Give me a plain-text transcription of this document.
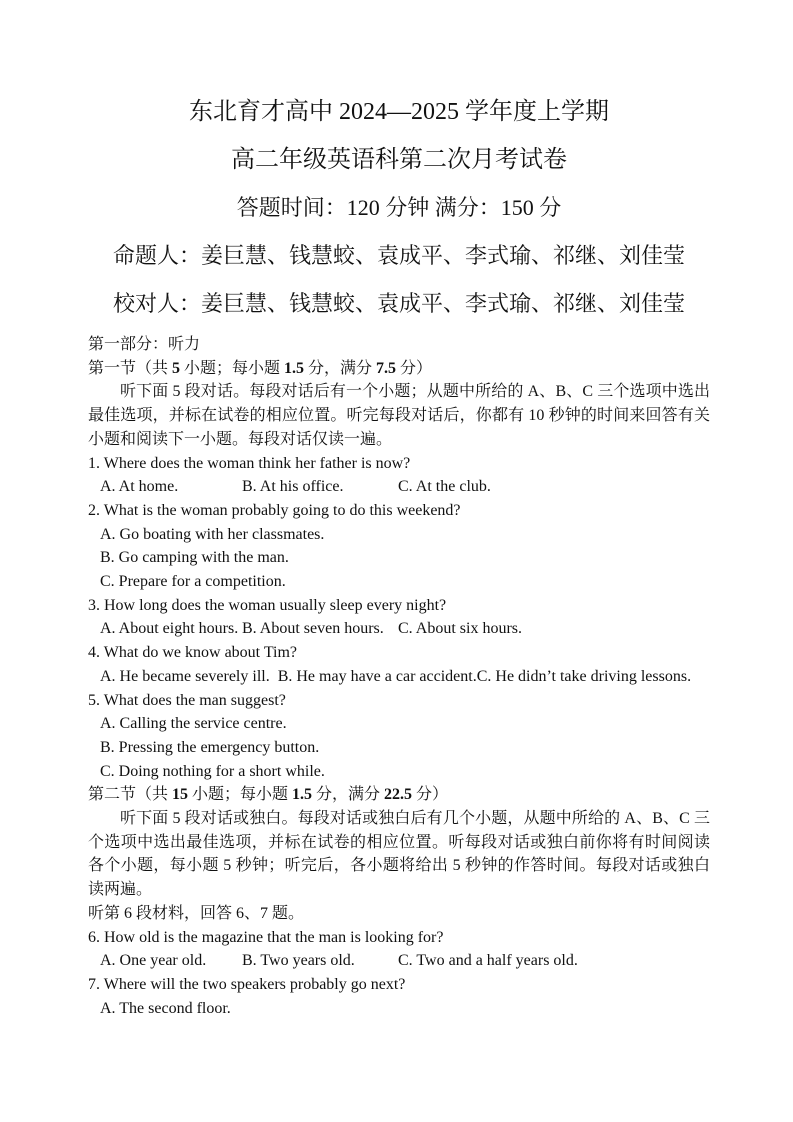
东北育才高中 2024—2025 学年度上学期
高二年级英语科第二次月考试卷
答题时间：120 分钟 满分：150 分
命题人：姜巨慧、钱慧蛟、袁成平、李式瑜、祁继、刘佳莹
校对人：姜巨慧、钱慧蛟、袁成平、李式瑜、祁继、刘佳莹
第一部分：听力
第一节（共 5 小题；每小题 1.5 分，满分 7.5 分）
听下面 5 段对话。每段对话后有一个小题；从题中所给的 A、B、C 三个选项中选出最佳选项，并标在试卷的相应位置。听完每段对话后，你都有 10 秒钟的时间来回答有关小题和阅读下一小题。每段对话仅读一遍。
1. Where does the woman think her father is now?
A. At home.	B. At his office.	C. At the club.
2. What is the woman probably going to do this weekend?
A. Go boating with her classmates.
B. Go camping with the man.
C. Prepare for a competition.
3. How long does the woman usually sleep every night?
A. About eight hours. B. About seven hours. C. About six hours.
4. What do we know about Tim?
A. He became severely ill.  B. He may have a car accident.C. He didn’t take driving lessons.
5. What does the man suggest?
A. Calling the service centre.
B. Pressing the emergency button.
C. Doing nothing for a short while.
第二节（共 15 小题；每小题 1.5 分，满分 22.5 分）
听下面 5 段对话或独白。每段对话或独白后有几个小题，从题中所给的 A、B、C 三个选项中选出最佳选项，并标在试卷的相应位置。听每段对话或独白前你将有时间阅读各个小题，每小题 5 秒钟；听完后，各小题将给出 5 秒钟的作答时间。每段对话或独白读两遍。
听第 6 段材料，回答 6、7 题。
6. How old is the magazine that the man is looking for?
A. One year old.	B. Two years old.	C. Two and a half years old.
7. Where will the two speakers probably go next?
A. The second floor.
